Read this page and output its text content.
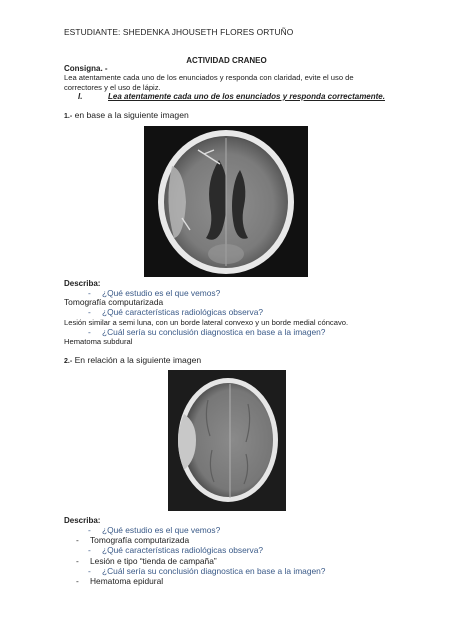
ESTUDIANTE: SHEDENKA JHOUSETH FLORES ORTUÑO
ACTIVIDAD CRANEO
Consigna. -
Lea atentamente cada uno de los enunciados y responda con claridad, evite el uso de correctores y el uso de lápiz.
I.	Lea atentamente cada uno de los enunciados y responda correctamente.
1.- en base a la siguiente imagen
Describa:
- ¿Qué estudio es el que vemos?
Tomografía computarizada
- ¿Qué características radiológicas observa?
Lesión similar a semi luna, con un borde lateral convexo y un borde medial cóncavo.
- ¿Cuál sería su conclusión diagnostica en base a la imagen?
Hematoma subdural
2.- En relación a la siguiente imagen
Describa:
- ¿Qué estudio es el que vemos?
- Tomografía computarizada
- ¿Qué características radiológicas observa?
- Lesión e tipo “tienda de campaña”
- ¿Cuál sería su conclusión diagnostica en base a la imagen?
- Hematoma epidural
